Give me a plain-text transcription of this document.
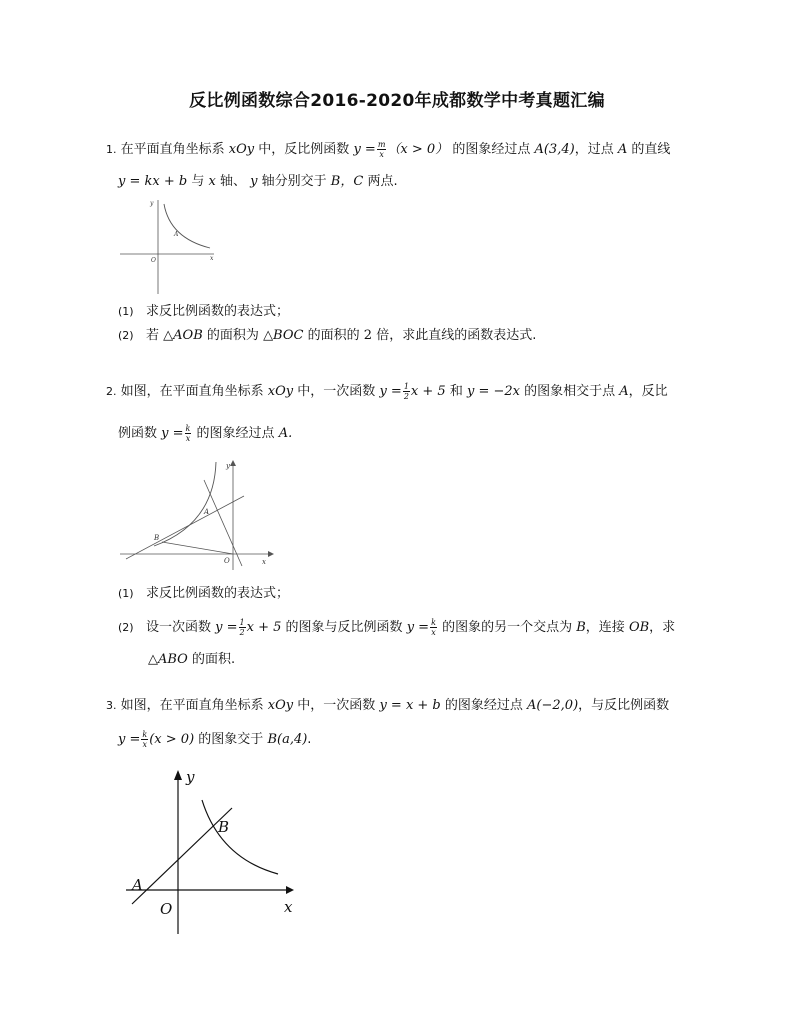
反比例函数综合2016-2020年成都数学中考真题汇编
1. 在平面直角坐标系 xOy 中，反比例函数 $y = \frac{m}{x} (x > 0)$ 的图象经过点 A(3,4)，过点 A 的直线
y = kx + b 与 x 轴、 y 轴分别交于 B，C 两点.
A
O	x
y
(1) 求反比例函数的表达式；
(2) 若 △AOB 的面积为 △BOC 的面积的 2 倍，求此直线的函数表达式.
2. 如图，在平面直角坐标系 xOy 中，一次函数 $y = \frac{1}{2}$ x + 5 和 y = −2x 的图象相交于点 A，反比
例函数 $y = \frac{k}{x}$ 的图象经过点 A.
A
B
O	x
y
(1) 求反比例函数的表达式；
(2) 设一次函数 $y = \frac{1}{2}$ x + 5 的图象与反比例函数 $y = \frac{k}{x}$ 的图象的另一个交点为 B，连接 OB，求
△ABO 的面积.
3. 如图，在平面直角坐标系 xOy 中，一次函数 y = x + b 的图象经过点 A(−2,0)，与反比例函数
$y = \frac{k}{x} (x > 0)$ 的图象交于 B(a,4).
A
B
O	x
y
